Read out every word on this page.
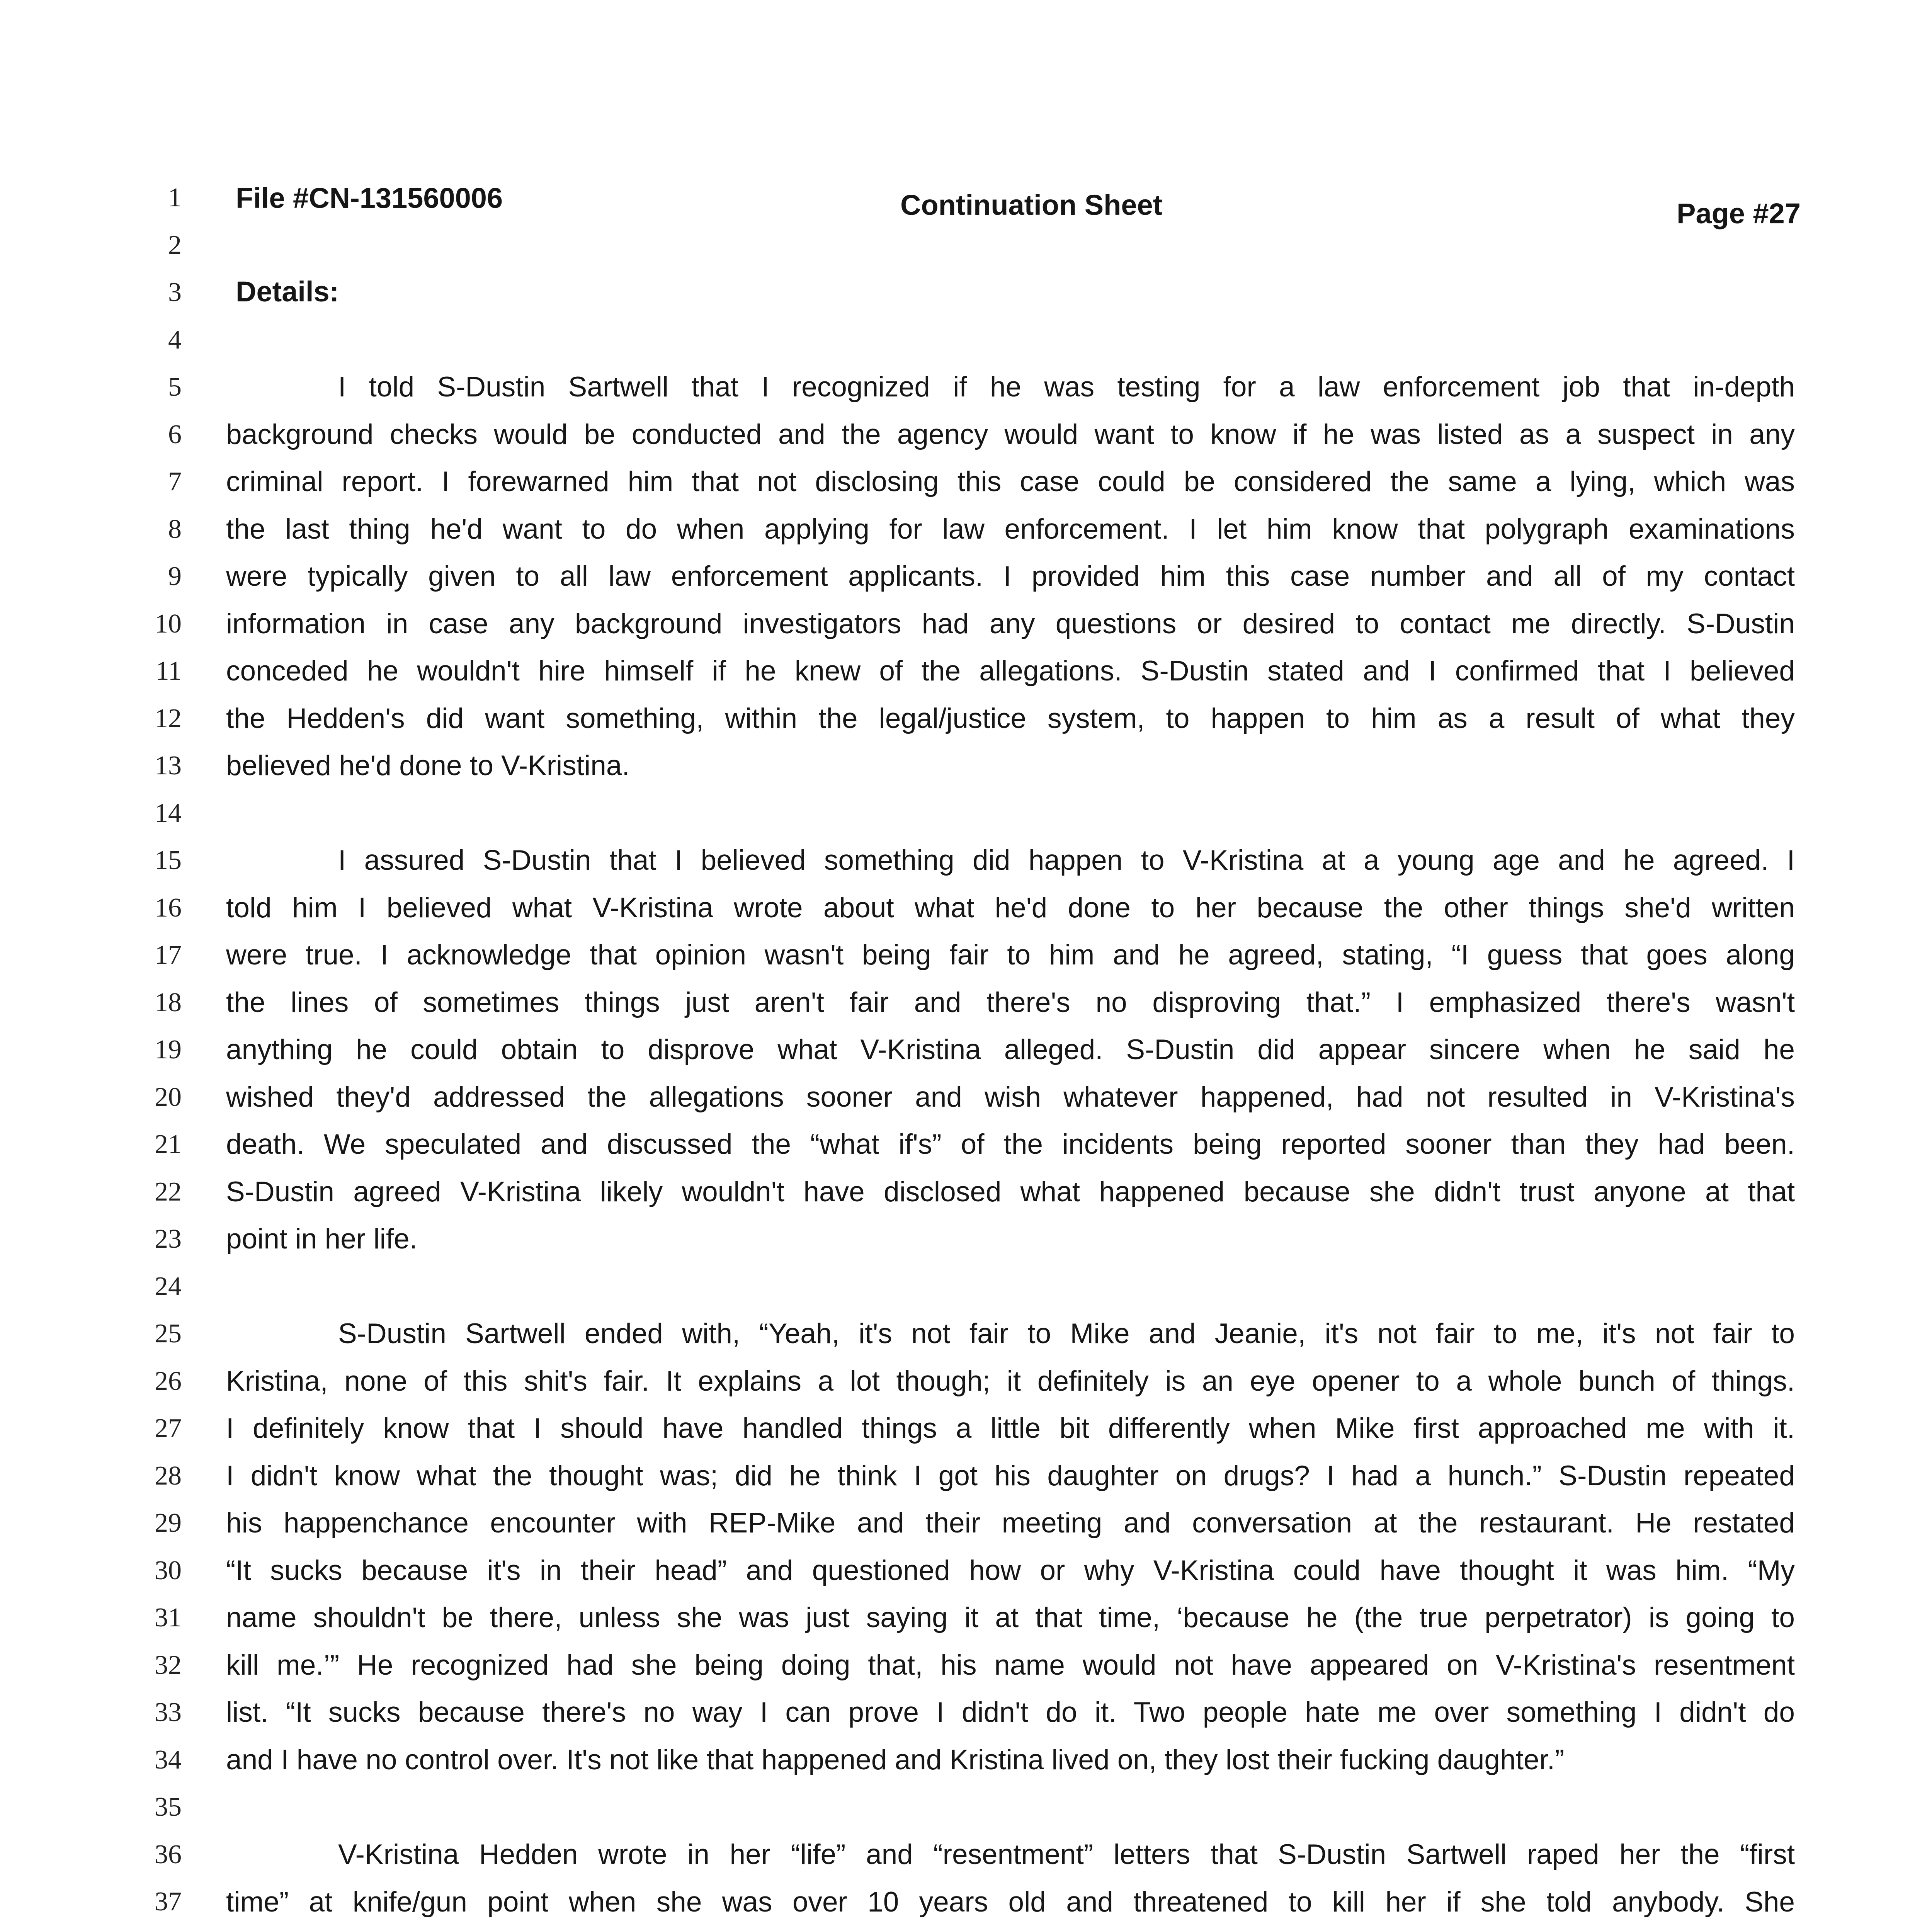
File #CN-131560006	Continuation Sheet	Page #27
1
2
3
4
5
6
7
8
9
10
11
12
13
14
15
16
17
18
19
20
21
22
23
24
25
26
27
28
29
30
31
32
33
34
35
36
37
Details:
I told S-Dustin Sartwell that I recognized if he was testing for a law enforcement job that in-depth
background checks would be conducted and the agency would want to know if he was listed as a suspect in any
criminal report. I forewarned him that not disclosing this case could be considered the same a lying, which was
the last thing he'd want to do when applying for law enforcement. I let him know that polygraph examinations
were typically given to all law enforcement applicants. I provided him this case number and all of my contact
information in case any background investigators had any questions or desired to contact me directly. S-Dustin
conceded he wouldn't hire himself if he knew of the allegations. S-Dustin stated and I confirmed that I believed
the Hedden's did want something, within the legal/justice system, to happen to him as a result of what they
believed he'd done to V-Kristina.
I assured S-Dustin that I believed something did happen to V-Kristina at a young age and he agreed. I
told him I believed what V-Kristina wrote about what he'd done to her because the other things she'd written
were true. I acknowledge that opinion wasn't being fair to him and he agreed, stating, “I guess that goes along
the lines of sometimes things just aren't fair and there's no disproving that.” I emphasized there's wasn't
anything he could obtain to disprove what V-Kristina alleged. S-Dustin did appear sincere when he said he
wished they'd addressed the allegations sooner and wish whatever happened, had not resulted in V-Kristina's
death. We speculated and discussed the “what if's” of the incidents being reported sooner than they had been.
S-Dustin agreed V-Kristina likely wouldn't have disclosed what happened because she didn't trust anyone at that
point in her life.
S-Dustin Sartwell ended with, “Yeah, it's not fair to Mike and Jeanie, it's not fair to me, it's not fair to
Kristina, none of this shit's fair. It explains a lot though; it definitely is an eye opener to a whole bunch of things.
I definitely know that I should have handled things a little bit differently when Mike first approached me with it.
I didn't know what the thought was; did he think I got his daughter on drugs? I had a hunch.” S-Dustin repeated
his happenchance encounter with REP-Mike and their meeting and conversation at the restaurant. He restated
“It sucks because it's in their head” and questioned how or why V-Kristina could have thought it was him. “My
name shouldn't be there, unless she was just saying it at that time, ‘because he (the true perpetrator) is going to
kill me.’” He recognized had she being doing that, his name would not have appeared on V-Kristina's resentment
list. “It sucks because there's no way I can prove I didn't do it. Two people hate me over something I didn't do
and I have no control over. It's not like that happened and Kristina lived on, they lost their fucking daughter.”
V-Kristina Hedden wrote in her “life” and “resentment” letters that S-Dustin Sartwell raped her the “first
time” at knife/gun point when she was over 10 years old and threatened to kill her if she told anybody. She
